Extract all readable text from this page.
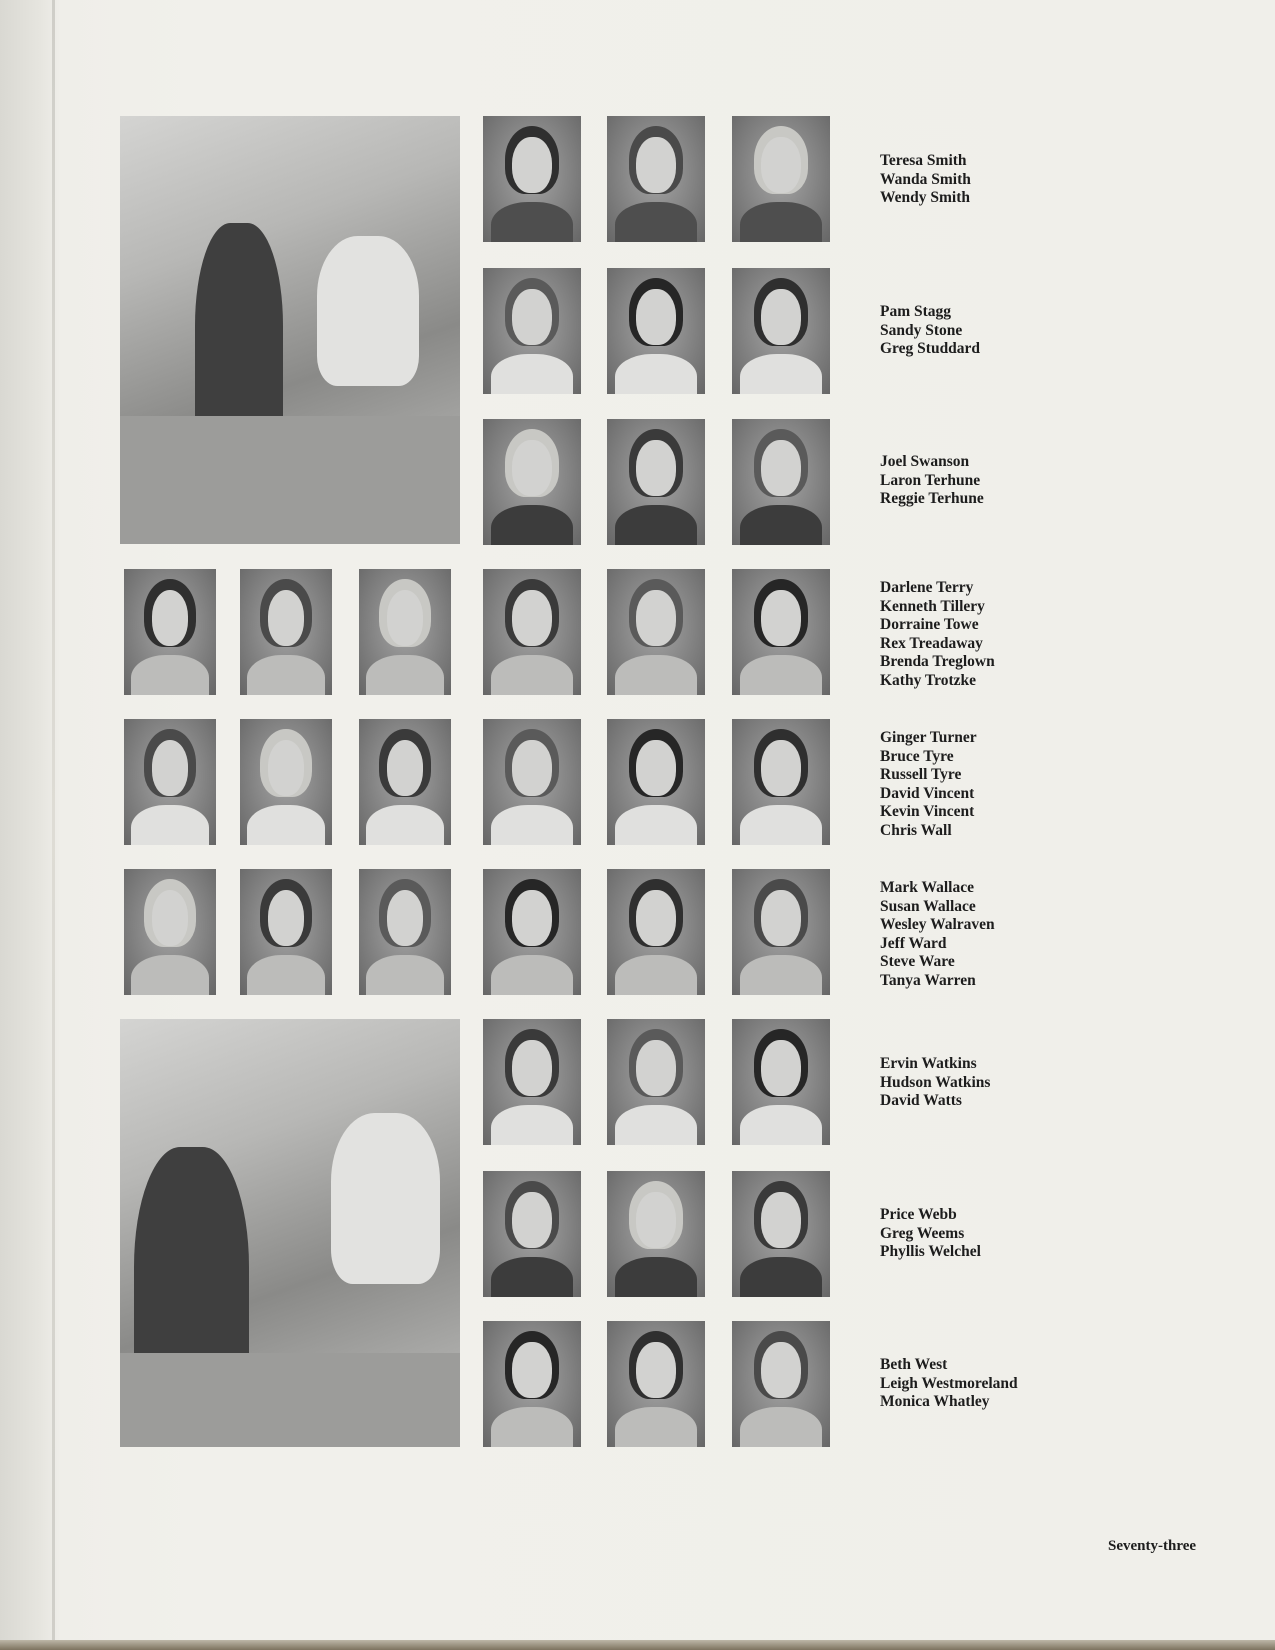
Teresa Smith
Wanda Smith
Wendy Smith
Pam Stagg
Sandy Stone
Greg Studdard
Joel Swanson
Laron Terhune
Reggie Terhune
Darlene Terry
Kenneth Tillery
Dorraine Towe
Rex Treadaway
Brenda Treglown
Kathy Trotzke
Ginger Turner
Bruce Tyre
Russell Tyre
David Vincent
Kevin Vincent
Chris Wall
Mark Wallace
Susan Wallace
Wesley Walraven
Jeff Ward
Steve Ware
Tanya Warren
Ervin Watkins
Hudson Watkins
David Watts
Price Webb
Greg Weems
Phyllis Welchel
Beth West
Leigh Westmoreland
Monica Whatley
Seventy-three
